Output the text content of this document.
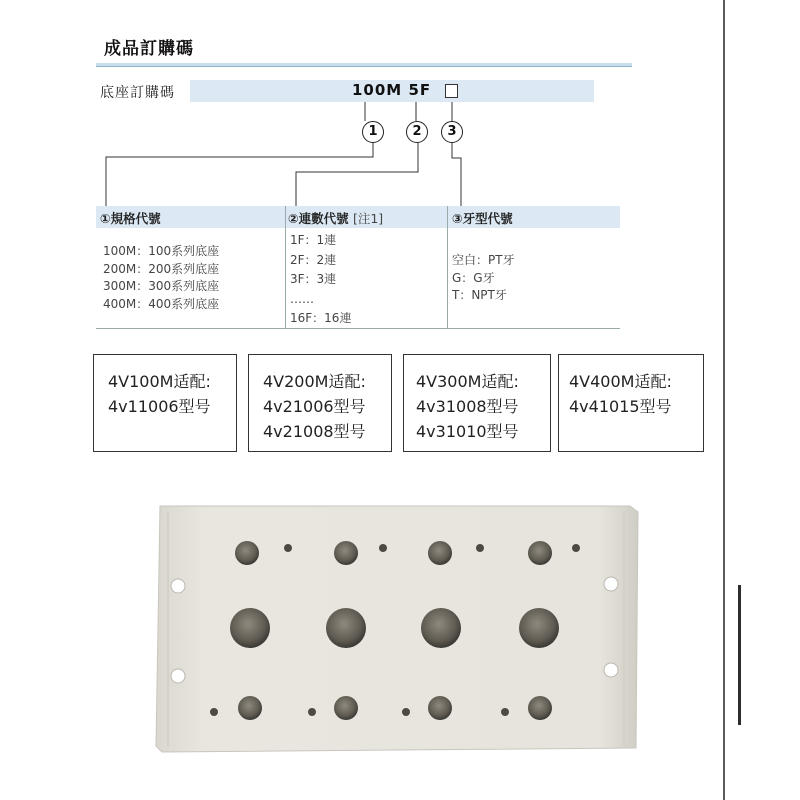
成品訂購碼
底座訂購碼	100M 5F
1	2	3
①規格代號	②連數代號 [注1]	③牙型代號
100M：100系列底座
200M：200系列底座
300M：300系列底座
400M：400系列底座
1F：1連
2F：2連
3F：3連
……
16F：16連
空白：PT牙
G：G牙
T：NPT牙
4V100M适配:
4v11006型号
4V200M适配:
4v21006型号
4v21008型号
4V300M适配:
4v31008型号
4v31010型号
4V400M适配:
4v41015型号
